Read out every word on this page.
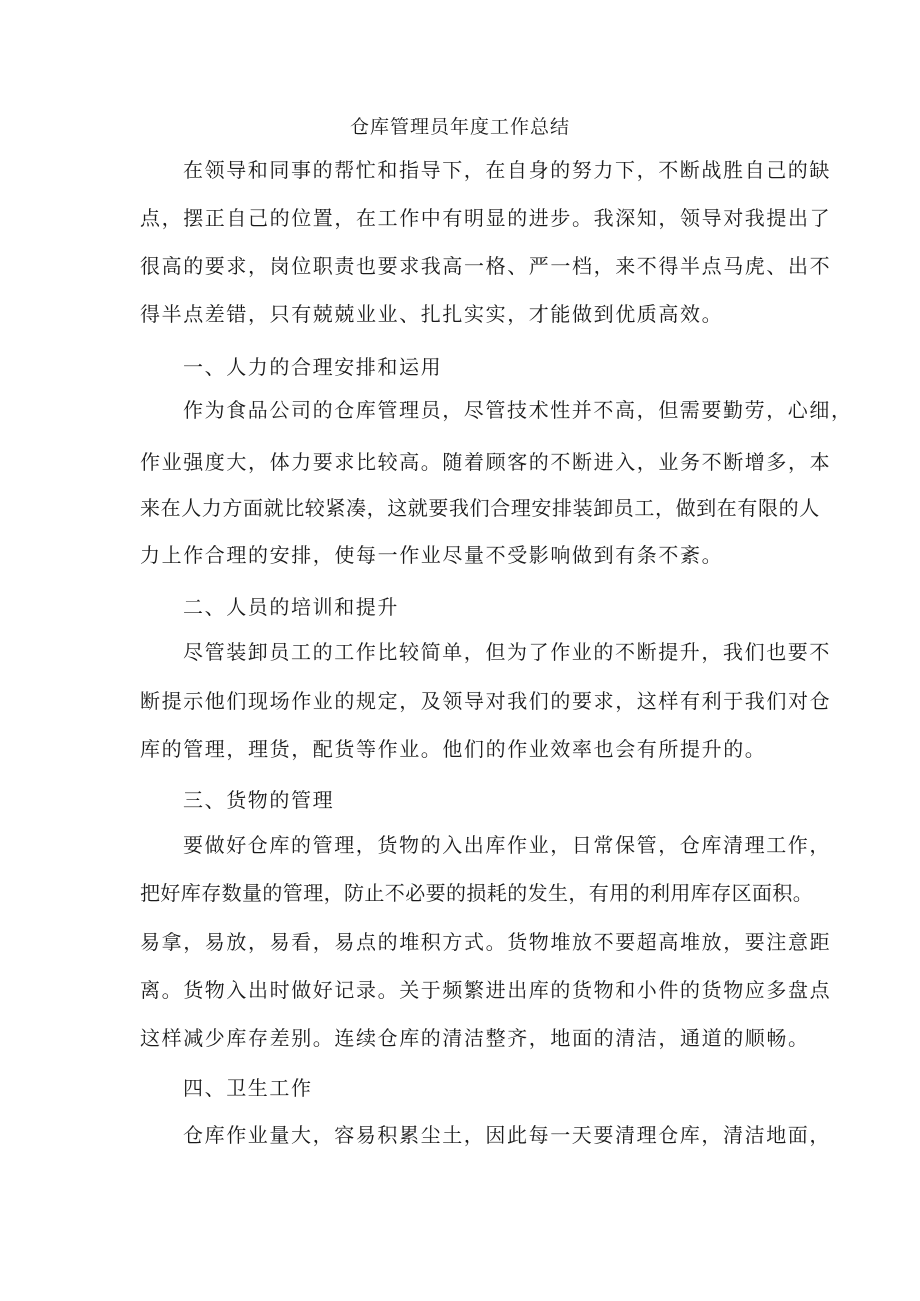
仓库管理员年度工作总结

在领导和同事的帮忙和指导下，在自身的努力下，不断战胜自己的缺

点，摆正自己的位置，在工作中有明显的进步。我深知，领导对我提出了

很高的要求，岗位职责也要求我高一格、严一档，来不得半点马虎、出不

得半点差错，只有兢兢业业、扎扎实实，才能做到优质高效。

一、人力的合理安排和运用

作为食品公司的仓库管理员，尽管技术性并不高，但需要勤劳，心细，

作业强度大，体力要求比较高。随着顾客的不断进入，业务不断增多，本

来在人力方面就比较紧凑，这就要我们合理安排装卸员工，做到在有限的人

力上作合理的安排，使每一作业尽量不受影响做到有条不紊。

二、人员的培训和提升

尽管装卸员工的工作比较简单，但为了作业的不断提升，我们也要不

断提示他们现场作业的规定，及领导对我们的要求，这样有利于我们对仓

库的管理，理货，配货等作业。他们的作业效率也会有所提升的。

三、货物的管理

要做好仓库的管理，货物的入出库作业，日常保管，仓库清理工作，

把好库存数量的管理，防止不必要的损耗的发生，有用的利用库存区面积。

易拿，易放，易看，易点的堆积方式。货物堆放不要超高堆放，要注意距

离。货物入出时做好记录。关于频繁进出库的货物和小件的货物应多盘点

这样减少库存差别。连续仓库的清洁整齐，地面的清洁，通道的顺畅。

四、卫生工作

仓库作业量大，容易积累尘土，因此每一天要清理仓库，清洁地面，
